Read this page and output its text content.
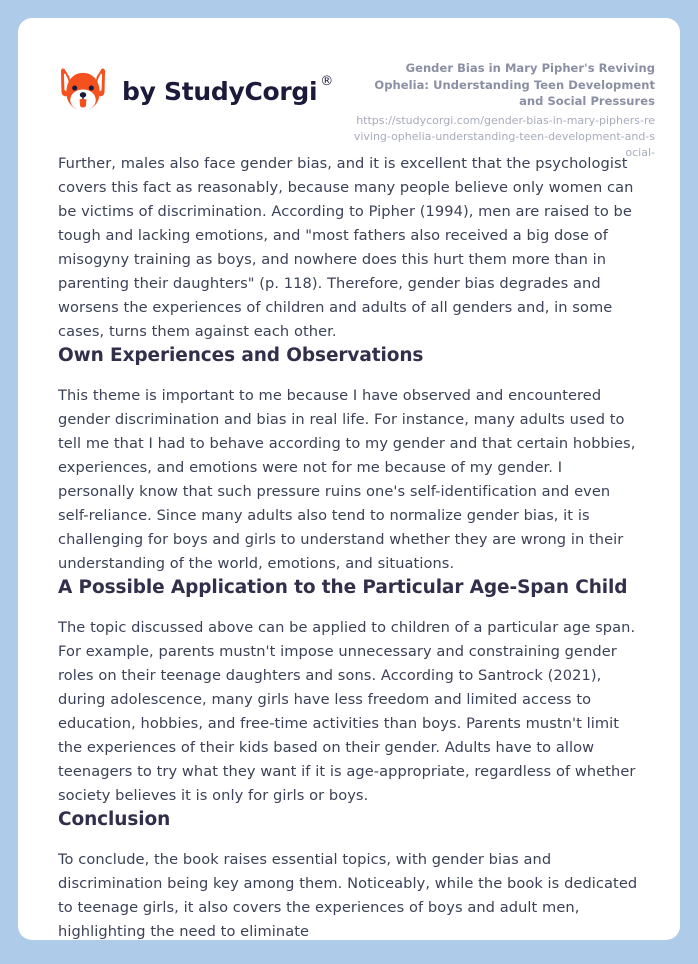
by StudyCorgi ®
Gender Bias in Mary Pipher's Reviving Ophelia: Understanding Teen Development and Social Pressures
https://studycorgi.com/gender-bias-in-mary-piphers-reviving-ophelia-understanding-teen-development-and-social-

Further, males also face gender bias, and it is excellent that the psychologist covers this fact as reasonably, because many people believe only women can be victims of discrimination. According to Pipher (1994), men are raised to be tough and lacking emotions, and "most fathers also received a big dose of misogyny training as boys, and nowhere does this hurt them more than in parenting their daughters" (p. 118). Therefore, gender bias degrades and worsens the experiences of children and adults of all genders and, in some cases, turns them against each other.

Own Experiences and Observations

This theme is important to me because I have observed and encountered gender discrimination and bias in real life. For instance, many adults used to tell me that I had to behave according to my gender and that certain hobbies, experiences, and emotions were not for me because of my gender. I personally know that such pressure ruins one's self-identification and even self-reliance. Since many adults also tend to normalize gender bias, it is challenging for boys and girls to understand whether they are wrong in their understanding of the world, emotions, and situations.

A Possible Application to the Particular Age-Span Child

The topic discussed above can be applied to children of a particular age span. For example, parents mustn't impose unnecessary and constraining gender roles on their teenage daughters and sons. According to Santrock (2021), during adolescence, many girls have less freedom and limited access to education, hobbies, and free-time activities than boys. Parents mustn't limit the experiences of their kids based on their gender. Adults have to allow teenagers to try what they want if it is age-appropriate, regardless of whether society believes it is only for girls or boys.

Conclusion

To conclude, the book raises essential topics, with gender bias and discrimination being key among them. Noticeably, while the book is dedicated to teenage girls, it also covers the experiences of boys and adult men, highlighting the need to eliminate
